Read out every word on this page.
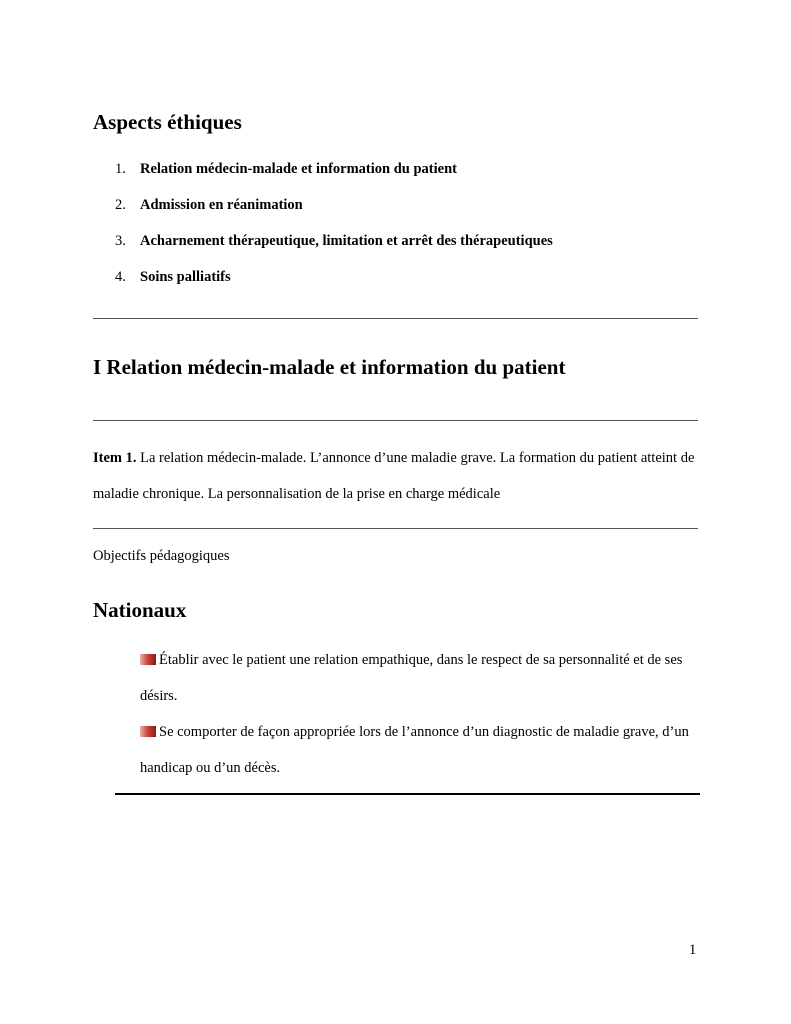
Aspects éthiques
1. Relation médecin-malade et information du patient
2. Admission en réanimation
3. Acharnement thérapeutique, limitation et arrêt des thérapeutiques
4. Soins palliatifs
I Relation médecin-malade et information du patient

Item 1. La relation médecin-malade. L’annonce d’une maladie grave. La formation du patient atteint de maladie chronique. La personnalisation de la prise en charge médicale

Objectifs pédagogiques

Nationaux
Établir avec le patient une relation empathique, dans le respect de sa personnalité et de ses désirs.
Se comporter de façon appropriée lors de l’annonce d’un diagnostic de maladie grave, d’un handicap ou d’un décès.
1
